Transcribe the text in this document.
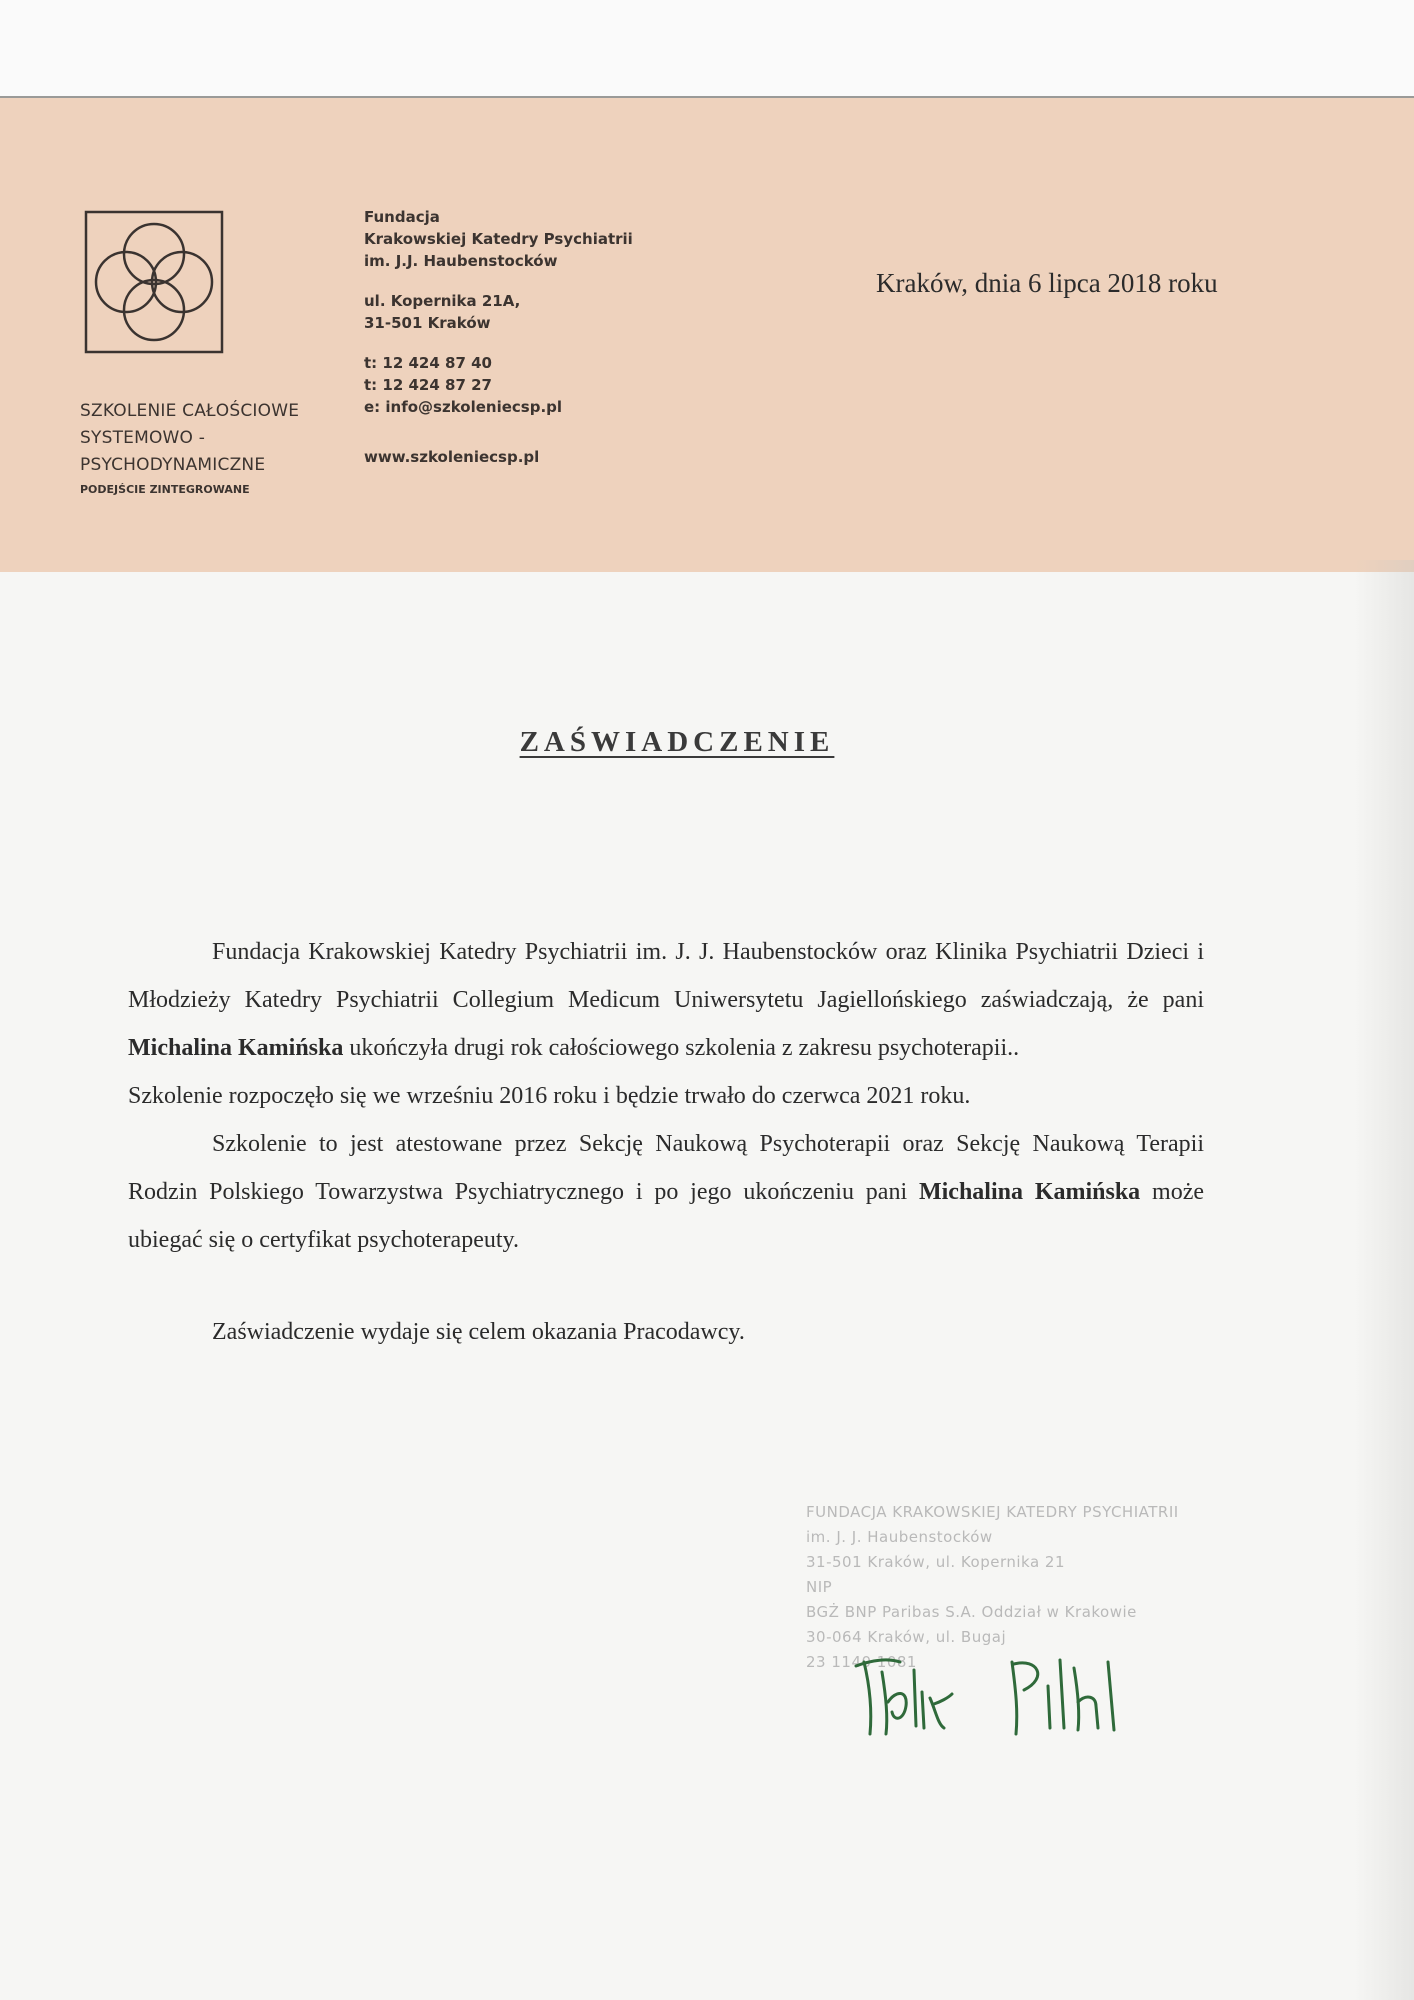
SZKOLENIE CAŁOŚCIOWE
SYSTEMOWO -
PSYCHODYNAMICZNE
PODEJŚCIE ZINTEGROWANE
Fundacja
Krakowskiej Katedry Psychiatrii
im. J.J. Haubenstocków
ul. Kopernika 21A,
31-501 Kraków
t: 12 424 87 40
t: 12 424 87 27
e: info@szkoleniecsp.pl
www.szkoleniecsp.pl
Kraków, dnia 6 lipca 2018 roku
ZAŚWIADCZENIE

Fundacja Krakowskiej Katedry Psychiatrii im. J. J. Haubenstocków oraz Klinika Psychiatrii Dzieci i Młodzieży Katedry Psychiatrii Collegium Medicum Uniwersytetu Jagiellońskiego zaświadczają, że pani Michalina Kamińska ukończyła drugi rok całościowego szkolenia z zakresu psychoterapii..

Szkolenie rozpoczęło się we wrześniu 2016 roku i będzie trwało do czerwca 2021 roku.

Szkolenie to jest atestowane przez Sekcję Naukową Psychoterapii oraz Sekcję Naukową Terapii Rodzin Polskiego Towarzystwa Psychiatrycznego i po jego ukończeniu pani Michalina Kamińska może ubiegać się o certyfikat psychoterapeuty.

Zaświadczenie wydaje się celem okazania Pracodawcy.

FUNDACJA KRAKOWSKIEJ KATEDRY PSYCHIATRII
im. J. J. Haubenstocków
31-501 Kraków, ul. Kopernika 21
NIP
BGŻ BNP Paribas S.A. Oddział w Krakowie
30-064 Kraków, ul. Bugaj
23 1140 1081
